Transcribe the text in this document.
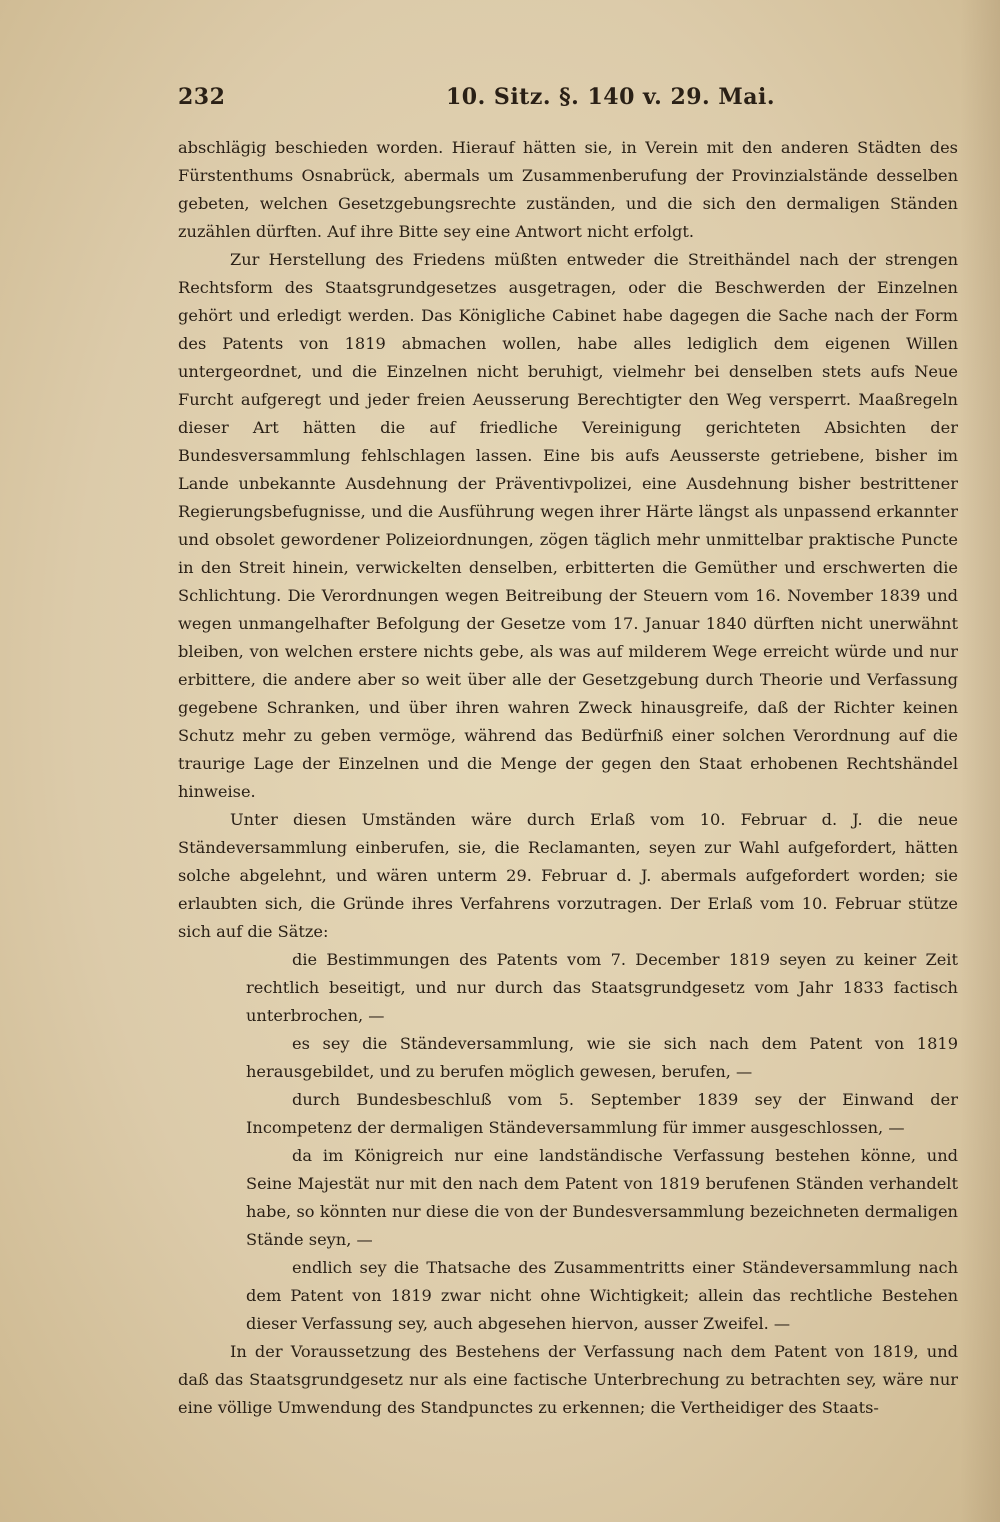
232	10. Sitz. §. 140 v. 29. Mai.

abschlägig beschieden worden. Hierauf hätten sie, in Verein mit den anderen Städten des Fürstenthums Osnabrück, abermals um Zusammenberufung der Provinzialstände desselben gebeten, welchen Gesetzgebungsrechte zuständen, und die sich den dermaligen Ständen zuzählen dürften. Auf ihre Bitte sey eine Antwort nicht erfolgt.

Zur Herstellung des Friedens müßten entweder die Streithändel nach der strengen Rechtsform des Staatsgrundgesetzes ausgetragen, oder die Beschwerden der Einzelnen gehört und erledigt werden. Das Königliche Cabinet habe dagegen die Sache nach der Form des Patents von 1819 abmachen wollen, habe alles lediglich dem eigenen Willen untergeordnet, und die Einzelnen nicht beruhigt, vielmehr bei denselben stets aufs Neue Furcht aufgeregt und jeder freien Aeusserung Berechtigter den Weg versperrt. Maaßregeln dieser Art hätten die auf friedliche Vereinigung gerichteten Absichten der Bundesversammlung fehlschlagen lassen. Eine bis aufs Aeusserste getriebene, bisher im Lande unbekannte Ausdehnung der Präventivpolizei, eine Ausdehnung bisher bestrittener Regierungsbefugnisse, und die Ausführung wegen ihrer Härte längst als unpassend erkannter und obsolet gewordener Polizeiordnungen, zögen täglich mehr unmittelbar praktische Puncte in den Streit hinein, verwickelten denselben, erbitterten die Gemüther und erschwerten die Schlichtung. Die Verordnungen wegen Beitreibung der Steuern vom 16. November 1839 und wegen unmangelhafter Befolgung der Gesetze vom 17. Januar 1840 dürften nicht unerwähnt bleiben, von welchen erstere nichts gebe, als was auf milderem Wege erreicht würde und nur erbittere, die andere aber so weit über alle der Gesetzgebung durch Theorie und Verfassung gegebene Schranken, und über ihren wahren Zweck hinausgreife, daß der Richter keinen Schutz mehr zu geben vermöge, während das Bedürfniß einer solchen Verordnung auf die traurige Lage der Einzelnen und die Menge der gegen den Staat erhobenen Rechtshändel hinweise.

Unter diesen Umständen wäre durch Erlaß vom 10. Februar d. J. die neue Ständeversammlung einberufen, sie, die Reclamanten, seyen zur Wahl aufgefordert, hätten solche abgelehnt, und wären unterm 29. Februar d. J. abermals aufgefordert worden; sie erlaubten sich, die Gründe ihres Verfahrens vorzutragen. Der Erlaß vom 10. Februar stütze sich auf die Sätze:

die Bestimmungen des Patents vom 7. December 1819 seyen zu keiner Zeit rechtlich beseitigt, und nur durch das Staatsgrundgesetz vom Jahr 1833 factisch unterbrochen, —

es sey die Ständeversammlung, wie sie sich nach dem Patent von 1819 herausgebildet, und zu berufen möglich gewesen, berufen, —

durch Bundesbeschluß vom 5. September 1839 sey der Einwand der Incompetenz der dermaligen Ständeversammlung für immer ausgeschlossen, —

da im Königreich nur eine landständische Verfassung bestehen könne, und Seine Majestät nur mit den nach dem Patent von 1819 berufenen Ständen verhandelt habe, so könnten nur diese die von der Bundesversammlung bezeichneten dermaligen Stände seyn, —

endlich sey die Thatsache des Zusammentritts einer Ständeversammlung nach dem Patent von 1819 zwar nicht ohne Wichtigkeit; allein das rechtliche Bestehen dieser Verfassung sey, auch abgesehen hiervon, ausser Zweifel. —

In der Voraussetzung des Bestehens der Verfassung nach dem Patent von 1819, und daß das Staatsgrundgesetz nur als eine factische Unterbrechung zu betrachten sey, wäre nur eine völlige Umwendung des Standpunctes zu erkennen; die Vertheidiger des Staats-
